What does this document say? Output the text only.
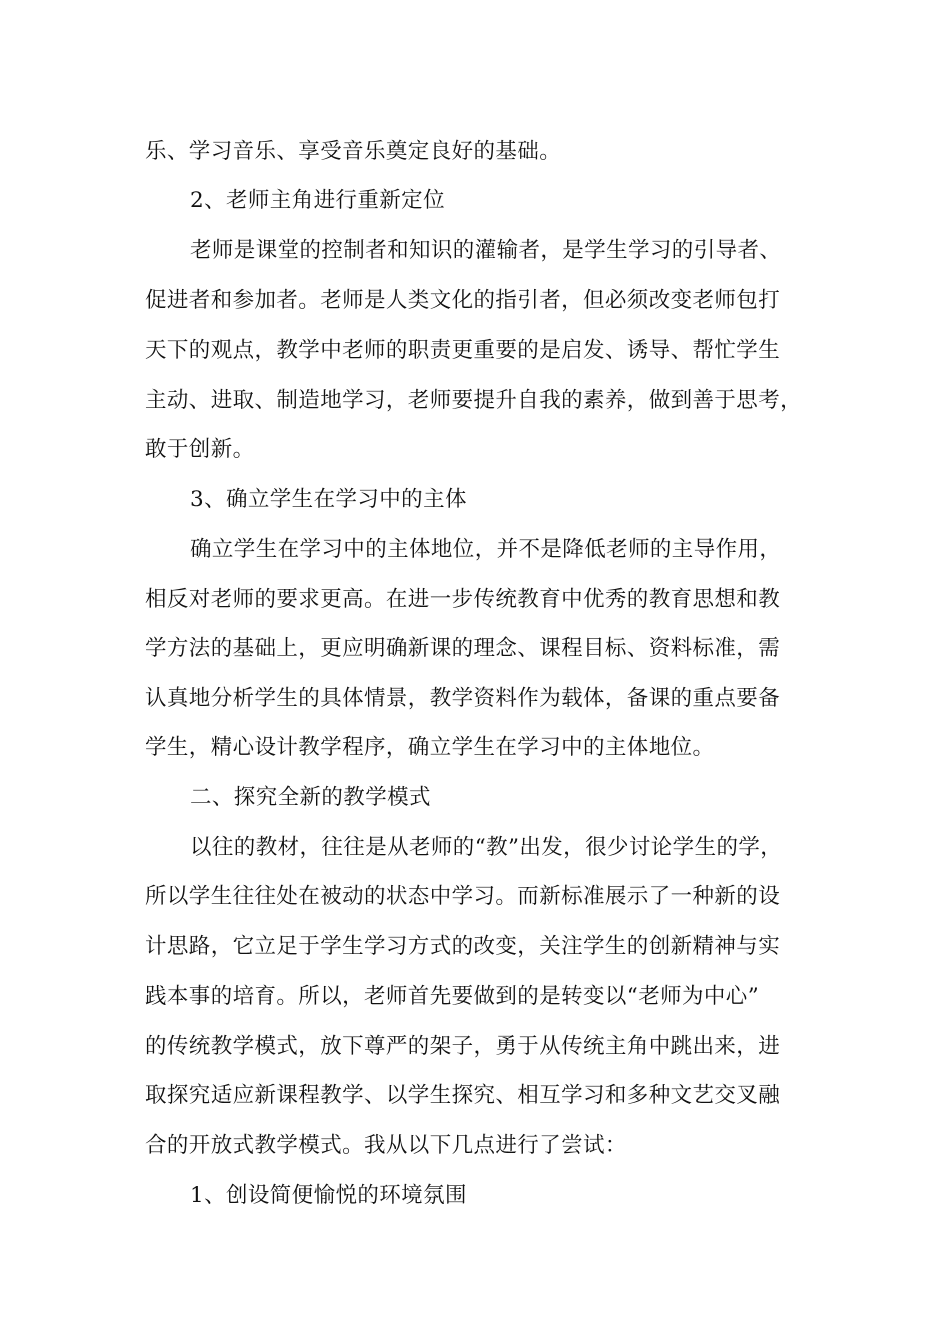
乐、学习音乐、享受音乐奠定良好的基础。
2、老师主角进行重新定位
老师是课堂的控制者和知识的灌输者，是学生学习的引导者、
促进者和参加者。老师是人类文化的指引者，但必须改变老师包打
天下的观点，教学中老师的职责更重要的是启发、诱导、帮忙学生
主动、进取、制造地学习，老师要提升自我的素养，做到善于思考，
敢于创新。
3、确立学生在学习中的主体
确立学生在学习中的主体地位，并不是降低老师的主导作用，
相反对老师的要求更高。在进一步传统教育中优秀的教育思想和教
学方法的基础上，更应明确新课的理念、课程目标、资料标准，需
认真地分析学生的具体情景，教学资料作为载体，备课的重点要备
学生，精心设计教学程序，确立学生在学习中的主体地位。
二、探究全新的教学模式
以往的教材，往往是从老师的“教”出发，很少讨论学生的学，
所以学生往往处在被动的状态中学习。而新标准展示了一种新的设
计思路，它立足于学生学习方式的改变，关注学生的创新精神与实
践本事的培育。所以，老师首先要做到的是转变以“老师为中心”
的传统教学模式，放下尊严的架子，勇于从传统主角中跳出来，进
取探究适应新课程教学、以学生探究、相互学习和多种文艺交叉融
合的开放式教学模式。我从以下几点进行了尝试：
1、创设简便愉悦的环境氛围
